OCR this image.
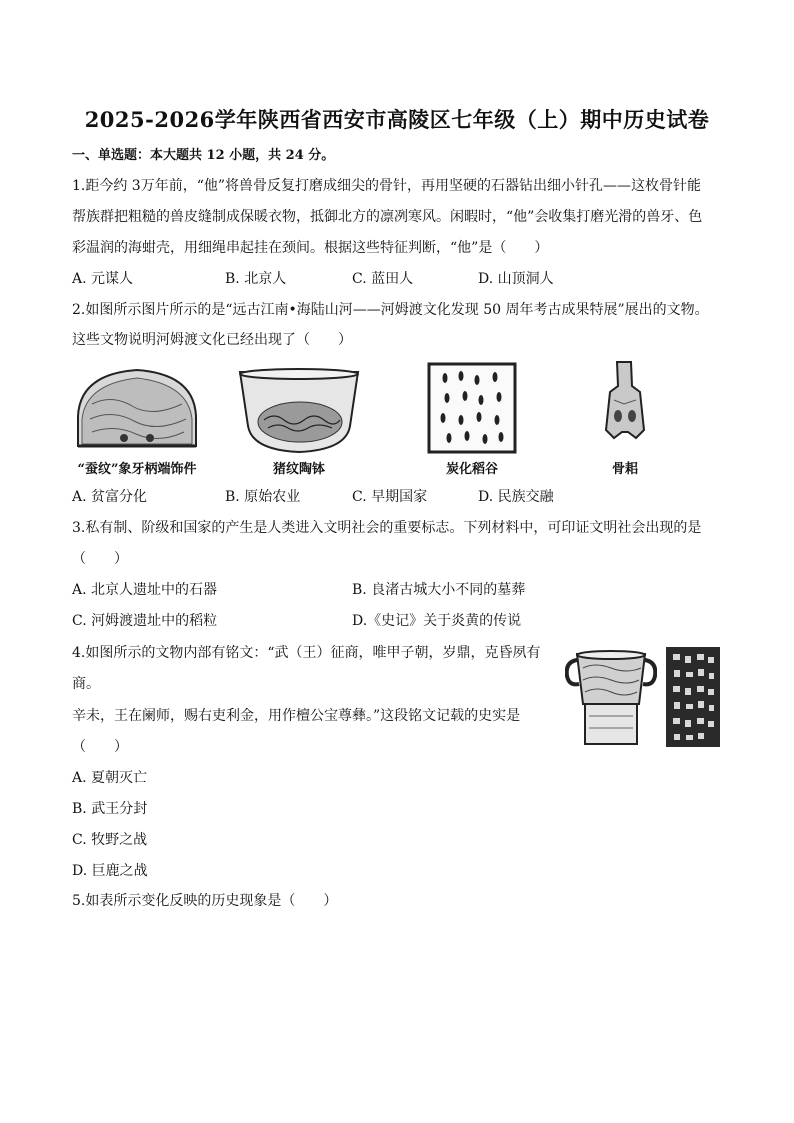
2025-2026学年陕西省西安市高陵区七年级（上）期中历史试卷
一、单选题：本大题共 12 小题，共 24 分。
1.距今约 3万年前，“他”将兽骨反复打磨成细尖的骨针，再用坚硬的石器钻出细小针孔——这枚骨针能
帮族群把粗糙的兽皮缝制成保暖衣物，抵御北方的凛冽寒风。闲暇时，“他”会收集打磨光滑的兽牙、色
彩温润的海蚶壳，用细绳串起挂在颈间。根据这些特征判断，“他”是（　　）
A. 元谋人	B. 北京人	C. 蓝田人	D. 山顶洞人
2.如图所示图片所示的是“远古江南•海陆山河——河姆渡文化发现 50 周年考古成果特展”展出的文物。
这些文物说明河姆渡文化已经出现了（　　）
“蚕纹”象牙柄端饰件	猪纹陶钵	炭化稻谷	骨耜
A. 贫富分化	B. 原始农业	C. 早期国家	D. 民族交融
3.私有制、阶级和国家的产生是人类进入文明社会的重要标志。下列材料中，可印证文明社会出现的是
（　　）
A. 北京人遗址中的石器	B. 良渚古城大小不同的墓葬
C. 河姆渡遗址中的稻粒	D.《史记》关于炎黄的传说
4.如图所示的文物内部有铭文：“武（王）征商，唯甲子朝，岁鼎，克昏夙有
商。
辛未，王在阑师，赐右吏利金，用作檀公宝尊彝。”这段铭文记载的史实是
（　　）
A. 夏朝灭亡
B. 武王分封
C. 牧野之战
D. 巨鹿之战
5.如表所示变化反映的历史现象是（　　）
